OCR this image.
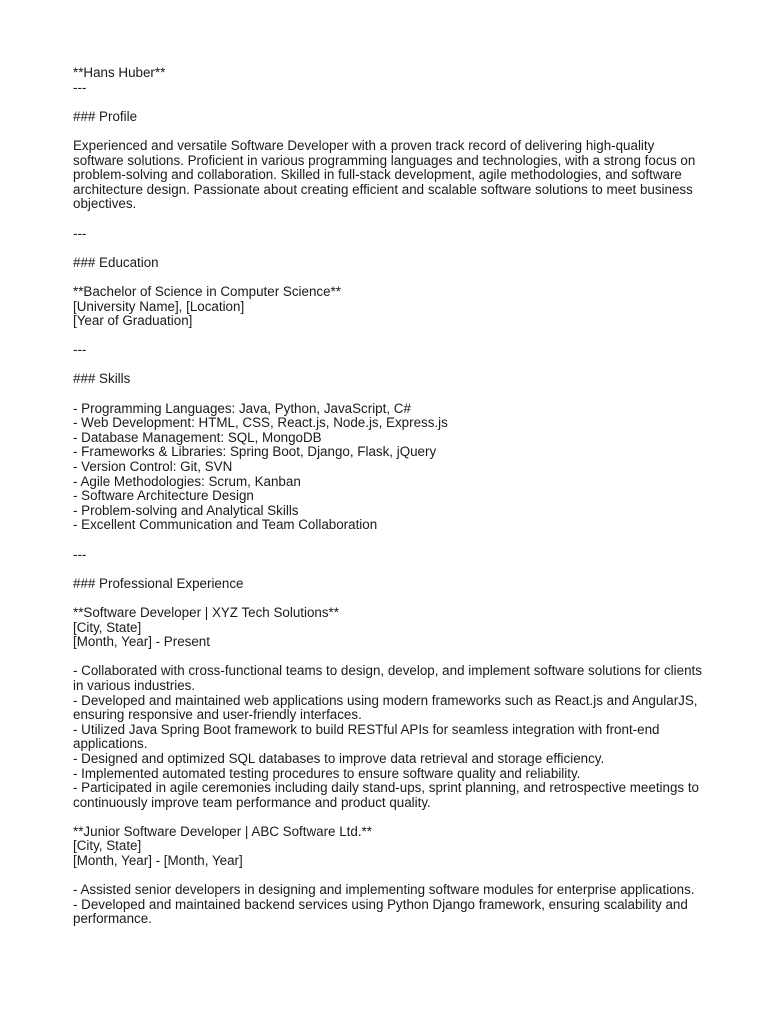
**Hans Huber**
---
### Profile
Experienced and versatile Software Developer with a proven track record of delivering high-quality software solutions. Proficient in various programming languages and technologies, with a strong focus on problem-solving and collaboration. Skilled in full-stack development, agile methodologies, and software architecture design. Passionate about creating efficient and scalable software solutions to meet business objectives.
---
### Education
**Bachelor of Science in Computer Science**
[University Name], [Location]
[Year of Graduation]
---
### Skills
- Programming Languages: Java, Python, JavaScript, C#
- Web Development: HTML, CSS, React.js, Node.js, Express.js
- Database Management: SQL, MongoDB
- Frameworks & Libraries: Spring Boot, Django, Flask, jQuery
- Version Control: Git, SVN
- Agile Methodologies: Scrum, Kanban
- Software Architecture Design
- Problem-solving and Analytical Skills
- Excellent Communication and Team Collaboration
---
### Professional Experience
**Software Developer | XYZ Tech Solutions**
[City, State]
[Month, Year] - Present
- Collaborated with cross-functional teams to design, develop, and implement software solutions for clients in various industries.
- Developed and maintained web applications using modern frameworks such as React.js and AngularJS, ensuring responsive and user-friendly interfaces.
- Utilized Java Spring Boot framework to build RESTful APIs for seamless integration with front-end applications.
- Designed and optimized SQL databases to improve data retrieval and storage efficiency.
- Implemented automated testing procedures to ensure software quality and reliability.
- Participated in agile ceremonies including daily stand-ups, sprint planning, and retrospective meetings to continuously improve team performance and product quality.
**Junior Software Developer | ABC Software Ltd.**
[City, State]
[Month, Year] - [Month, Year]
- Assisted senior developers in designing and implementing software modules for enterprise applications.
- Developed and maintained backend services using Python Django framework, ensuring scalability and performance.
